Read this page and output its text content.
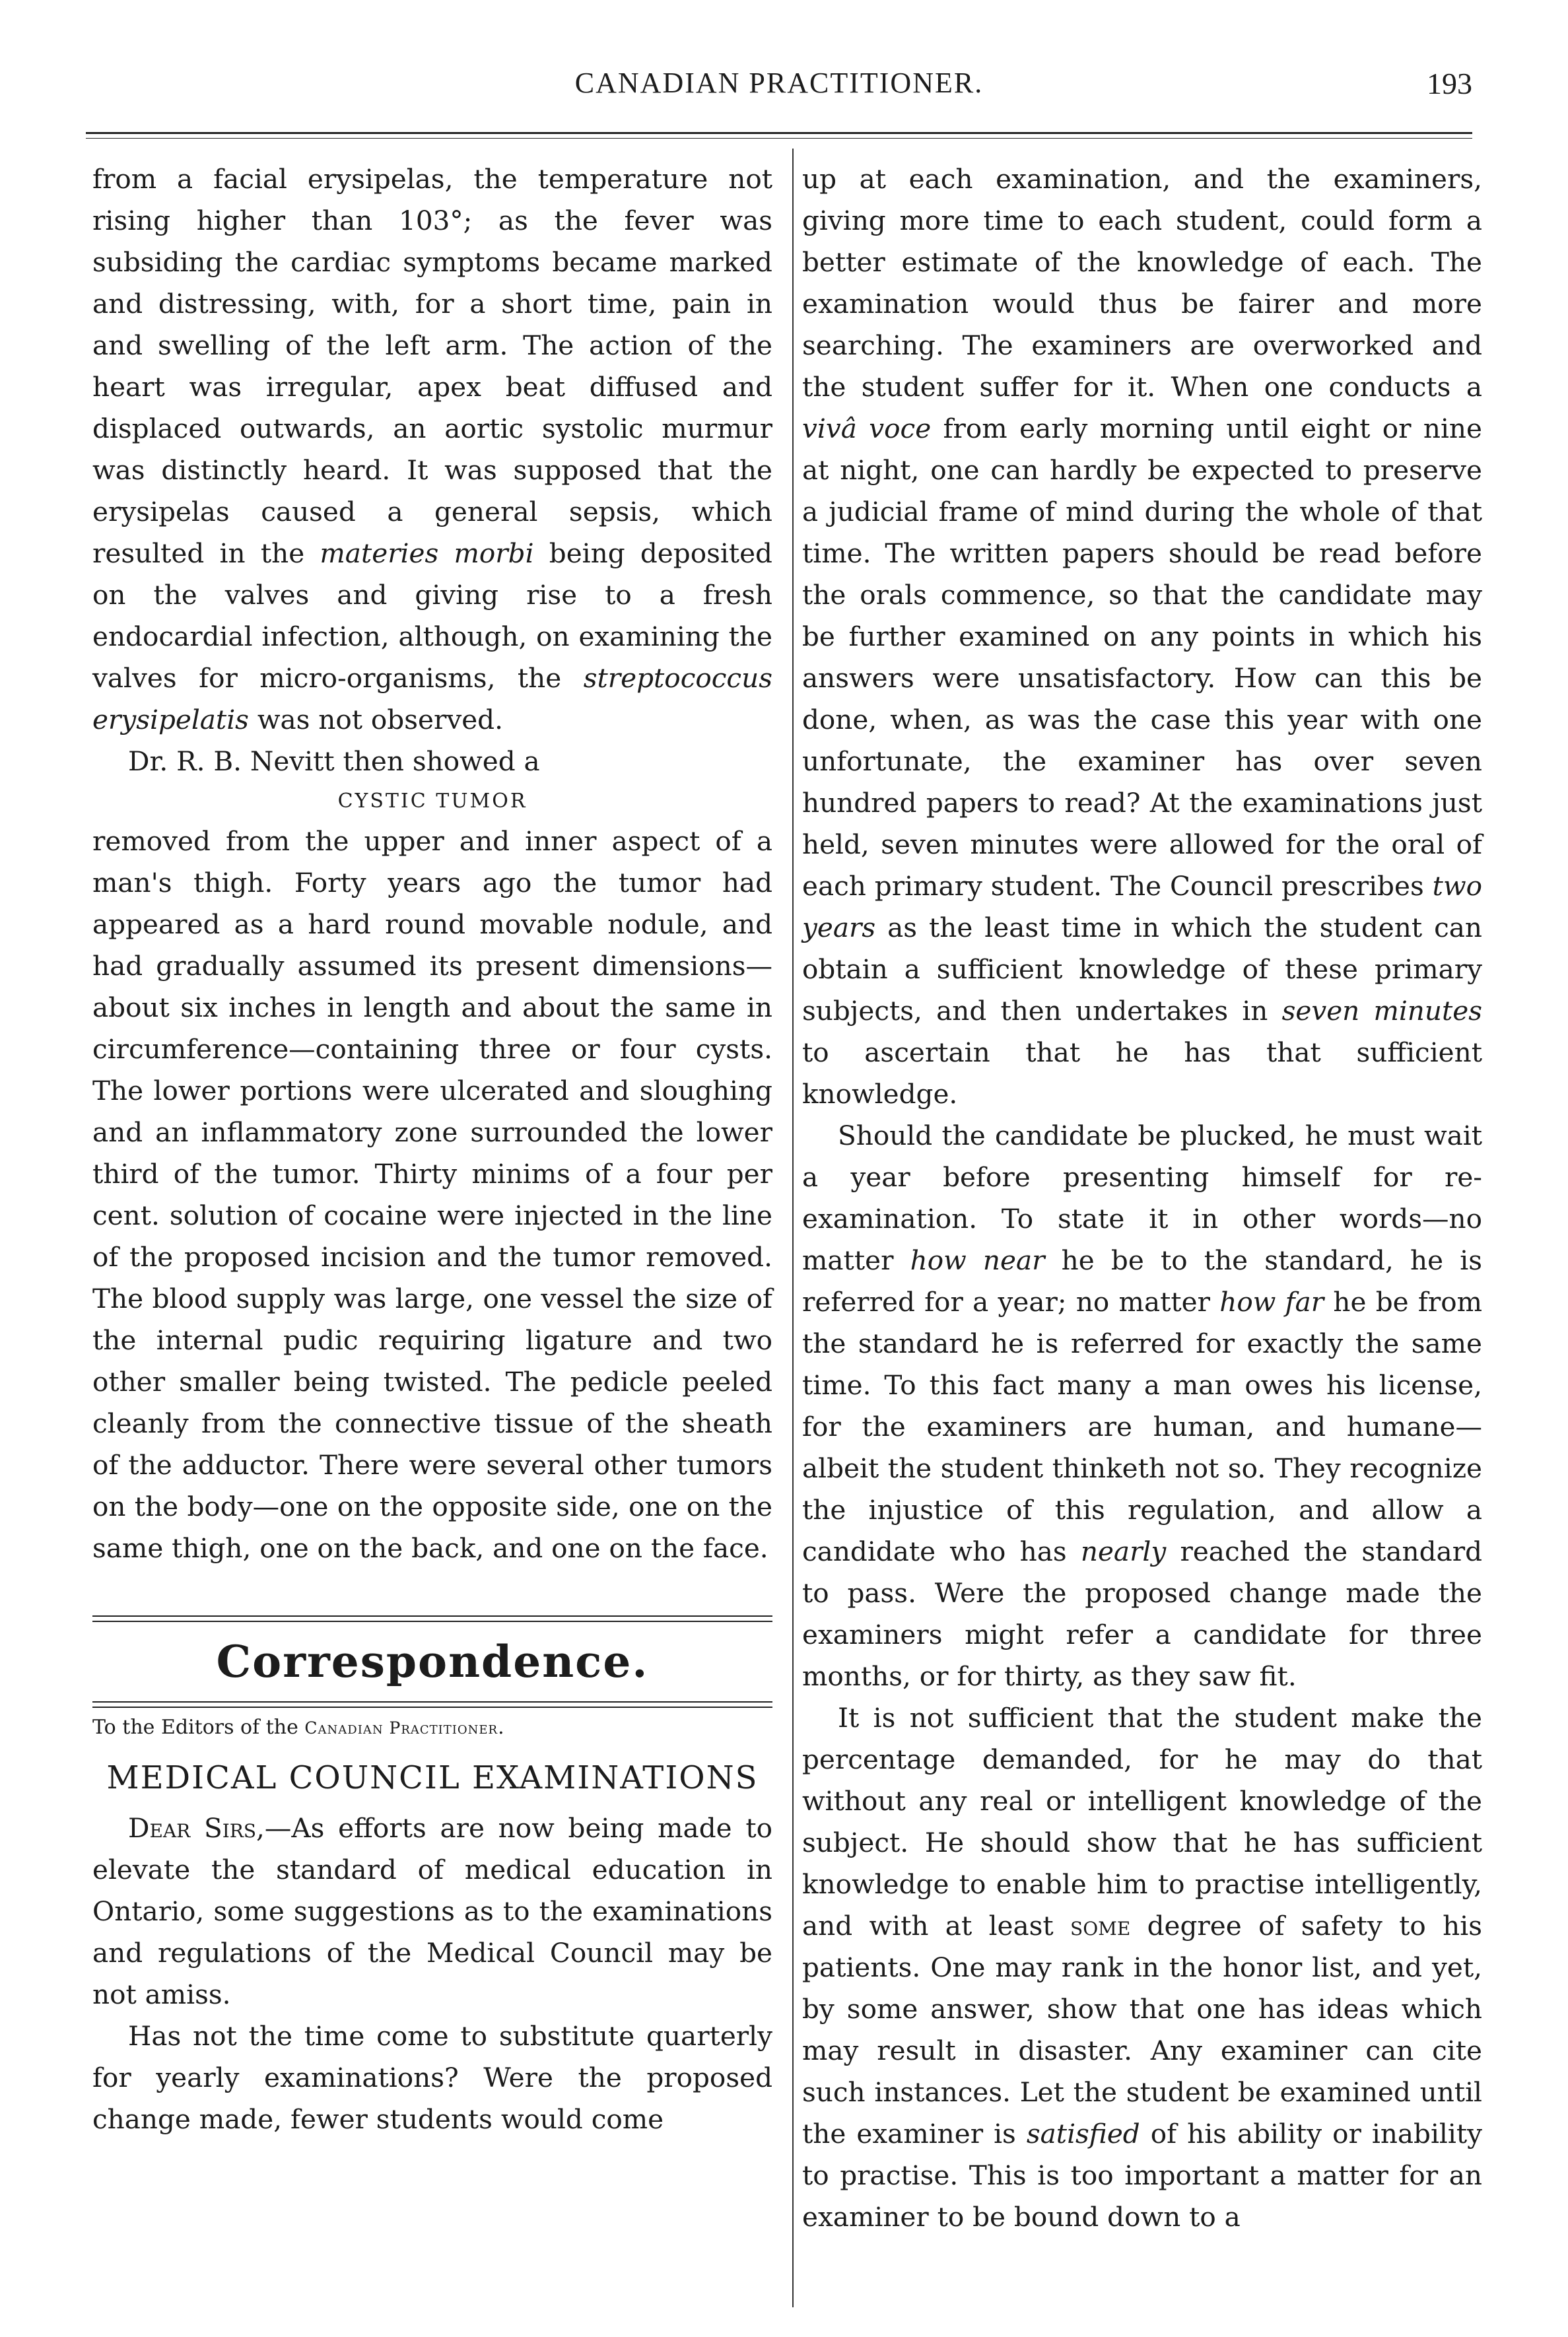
CANADIAN PRACTITIONER.	193

from a facial erysipelas, the temperature not rising higher than 103°; as the fever was subsiding the cardiac symptoms became marked and distressing, with, for a short time, pain in and swelling of the left arm. The action of the heart was irregular, apex beat diffused and displaced outwards, an aortic systolic murmur was distinctly heard. It was supposed that the erysipelas caused a general sepsis, which resulted in the materies morbi being deposited on the valves and giving rise to a fresh endocardial infection, although, on examining the valves for micro-organisms, the streptococcus erysipelatis was not observed.

Dr. R. B. Nevitt then showed a

CYSTIC TUMOR

removed from the upper and inner aspect of a man's thigh. Forty years ago the tumor had appeared as a hard round movable nodule, and had gradually assumed its present dimensions—about six inches in length and about the same in circumference—containing three or four cysts. The lower portions were ulcerated and sloughing and an inflammatory zone surrounded the lower third of the tumor. Thirty minims of a four per cent. solution of cocaine were injected in the line of the proposed incision and the tumor removed. The blood supply was large, one vessel the size of the internal pudic requiring ligature and two other smaller being twisted. The pedicle peeled cleanly from the connective tissue of the sheath of the adductor. There were several other tumors on the body—one on the opposite side, one on the same thigh, one on the back, and one on the face.

Correspondence.

To the Editors of the Canadian Practitioner.

MEDICAL COUNCIL EXAMINATIONS

Dear Sirs,—As efforts are now being made to elevate the standard of medical education in Ontario, some suggestions as to the examinations and regulations of the Medical Council may be not amiss.

Has not the time come to substitute quarterly for yearly examinations? Were the proposed change made, fewer students would come

up at each examination, and the examiners, giving more time to each student, could form a better estimate of the knowledge of each. The examination would thus be fairer and more searching. The examiners are overworked and the student suffer for it. When one conducts a vivâ voce from early morning until eight or nine at night, one can hardly be expected to preserve a judicial frame of mind during the whole of that time. The written papers should be read before the orals commence, so that the candidate may be further examined on any points in which his answers were unsatisfactory. How can this be done, when, as was the case this year with one unfortunate, the examiner has over seven hundred papers to read? At the examinations just held, seven minutes were allowed for the oral of each primary student. The Council prescribes two years as the least time in which the student can obtain a sufficient knowledge of these primary subjects, and then undertakes in seven minutes to ascertain that he has that sufficient knowledge.

Should the candidate be plucked, he must wait a year before presenting himself for re-examination. To state it in other words—no matter how near he be to the standard, he is referred for a year; no matter how far he be from the standard he is referred for exactly the same time. To this fact many a man owes his license, for the examiners are human, and humane—albeit the student thinketh not so. They recognize the injustice of this regulation, and allow a candidate who has nearly reached the standard to pass. Were the proposed change made the examiners might refer a candidate for three months, or for thirty, as they saw fit.

It is not sufficient that the student make the percentage demanded, for he may do that without any real or intelligent knowledge of the subject. He should show that he has sufficient knowledge to enable him to practise intelligently, and with at least some degree of safety to his patients. One may rank in the honor list, and yet, by some answer, show that one has ideas which may result in disaster. Any examiner can cite such instances. Let the student be examined until the examiner is satisfied of his ability or inability to practise. This is too important a matter for an examiner to be bound down to a
